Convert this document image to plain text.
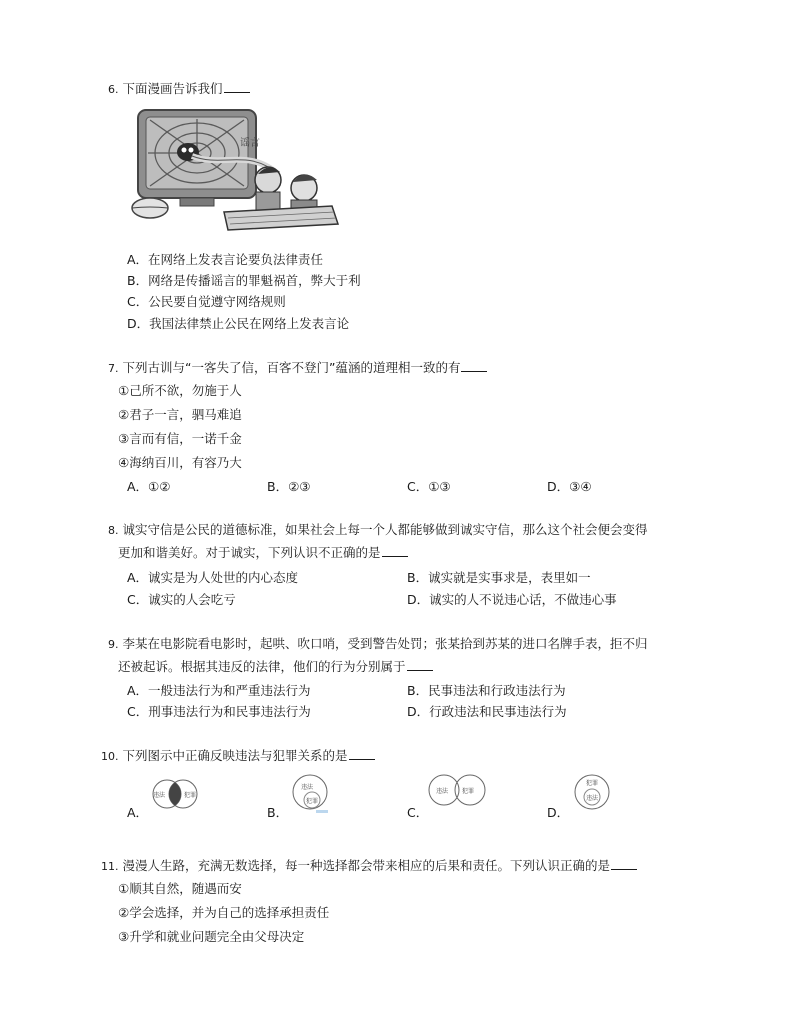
6. 下面漫画告诉我们
谣言
A．在网络上发表言论要负法律责任
B．网络是传播谣言的罪魁祸首，弊大于利
C．公民要自觉遵守网络规则
D．我国法律禁止公民在网络上发表言论
7. 下列古训与“一客失了信，百客不登门”蕴涵的道理相一致的有
①己所不欲，勿施于人
②君子一言，驷马难追
③言而有信，一诺千金
④海纳百川，有容乃大
A．①②	B．②③	C．①③	D．③④
8. 诚实守信是公民的道德标准，如果社会上每一个人都能够做到诚实守信，那么这个社会便会变得
更加和谐美好。对于诚实，下列认识不正确的是
A．诚实是为人处世的内心态度	B．诚实就是实事求是，表里如一
C．诚实的人会吃亏	D．诚实的人不说违心话，不做违心事
9. 李某在电影院看电影时，起哄、吹口哨，受到警告处罚；张某拾到苏某的进口名牌手表，拒不归
还被起诉。根据其违反的法律，他们的行为分别属于
A．一般违法行为和严重违法行为	B．民事违法和行政违法行为
C．刑事违法行为和民事违法行为	D．行政违法和民事违法行为
10. 下列图示中正确反映违法与犯罪关系的是
A．
违法	犯罪
B．
违法
犯罪
C．
违法 犯罪
D．
犯罪
违法
11. 漫漫人生路，充满无数选择，每一种选择都会带来相应的后果和责任。下列认识正确的是
①顺其自然，随遇而安
②学会选择，并为自己的选择承担责任
③升学和就业问题完全由父母决定
